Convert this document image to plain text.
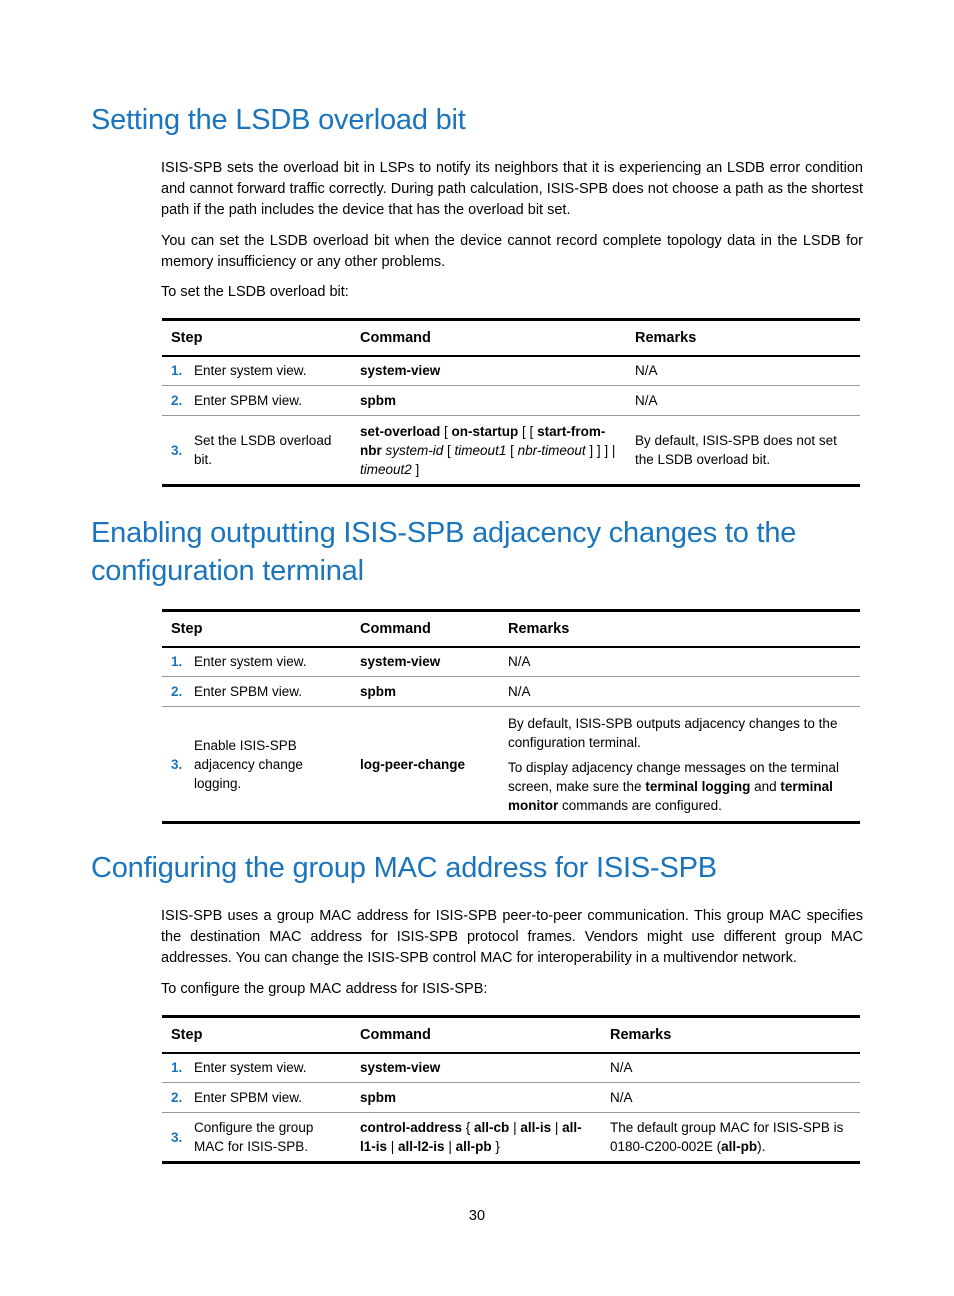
Setting the LSDB overload bit

ISIS-SPB sets the overload bit in LSPs to notify its neighbors that it is experiencing an LSDB error condition and cannot forward traffic correctly. During path calculation, ISIS-SPB does not choose a path as the shortest path if the path includes the device that has the overload bit set.

You can set the LSDB overload bit when the device cannot record complete topology data in the LSDB for memory insufficiency or any other problems.

To set the LSDB overload bit:

Step		Command	Remarks
1.	Enter system view.	system-view	N/A
2.	Enter SPBM view.	spbm	N/A
3.	Set the LSDB overload bit.	set-overload [ on-startup [ [ start-from-nbr system-id [ timeout1 [ nbr-timeout ] ] ] | timeout2 ]	By default, ISIS-SPB does not set the LSDB overload bit.
Enabling outputting ISIS-SPB adjacency changes to the configuration terminal
Step		Command	Remarks
1.	Enter system view.	system-view	N/A
2.	Enter SPBM view.	spbm	N/A
3.	Enable ISIS-SPB adjacency change logging.	log-peer-change	By default, ISIS-SPB outputs adjacency changes to the configuration terminal.

To display adjacency change messages on the terminal screen, make sure the terminal logging and terminal monitor commands are configured.

Configuring the group MAC address for ISIS-SPB

ISIS-SPB uses a group MAC address for ISIS-SPB peer-to-peer communication. This group MAC specifies the destination MAC address for ISIS-SPB protocol frames. Vendors might use different group MAC addresses. You can change the ISIS-SPB control MAC for interoperability in a multivendor network.

To configure the group MAC address for ISIS-SPB:

Step		Command	Remarks
1.	Enter system view.	system-view	N/A
2.	Enter SPBM view.	spbm	N/A
3.	Configure the group MAC for ISIS-SPB.	control-address { all-cb | all-is | all-l1-is | all-l2-is | all-pb }	The default group MAC for ISIS-SPB is 0180-C200-002E (all-pb).
30
